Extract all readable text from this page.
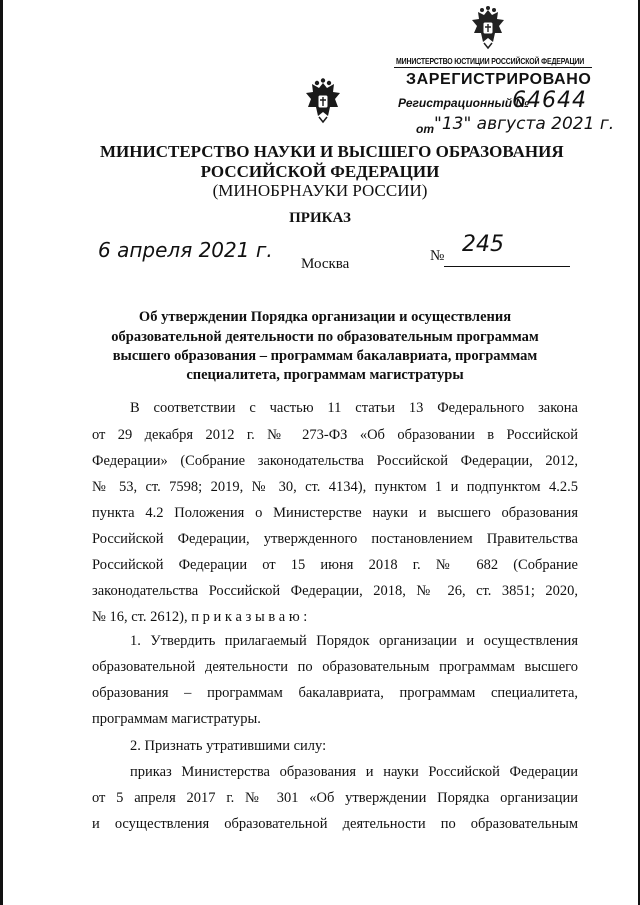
МИНИСТЕРСТВО ЮСТИЦИИ РОССИЙСКОЙ ФЕДЕРАЦИИ
ЗАРЕГИСТРИРОВАНО
Регистрационный №
64644
от "13" августа 2021 г.
МИНИСТЕРСТВО НАУКИ И ВЫСШЕГО ОБРАЗОВАНИЯ
РОССИЙСКОЙ ФЕДЕРАЦИИ
(МИНОБРНАУКИ РОССИИ)
ПРИКАЗ
6 апреля 2021 г.	№ 245
Москва
Об утверждении Порядка организации и осуществления
образовательной деятельности по образовательным программам
высшего образования – программам бакалавриата, программам
специалитета, программам магистратуры
В соответствии с частью 11 статьи 13 Федерального закона
от 29 декабря 2012 г. № 273-ФЗ «Об образовании в Российской
Федерации» (Собрание законодательства Российской Федерации, 2012,
№ 53, ст. 7598; 2019, № 30, ст. 4134), пунктом 1 и подпунктом 4.2.5
пункта 4.2 Положения о Министерстве науки и высшего образования
Российской Федерации, утвержденного постановлением Правительства
Российской Федерации от 15 июня 2018 г. № 682 (Собрание
законодательства Российской Федерации, 2018, № 26, ст. 3851; 2020,
№ 16, ст. 2612), п р и к а з ы в а ю :
1. Утвердить прилагаемый Порядок организации и осуществления
образовательной деятельности по образовательным программам высшего
образования – программам бакалавриата, программам специалитета,
программам магистратуры.
2. Признать утратившими силу:
приказ Министерства образования и науки Российской Федерации
от 5 апреля 2017 г. № 301 «Об утверждении Порядка организации
и осуществления образовательной деятельности по образовательным
